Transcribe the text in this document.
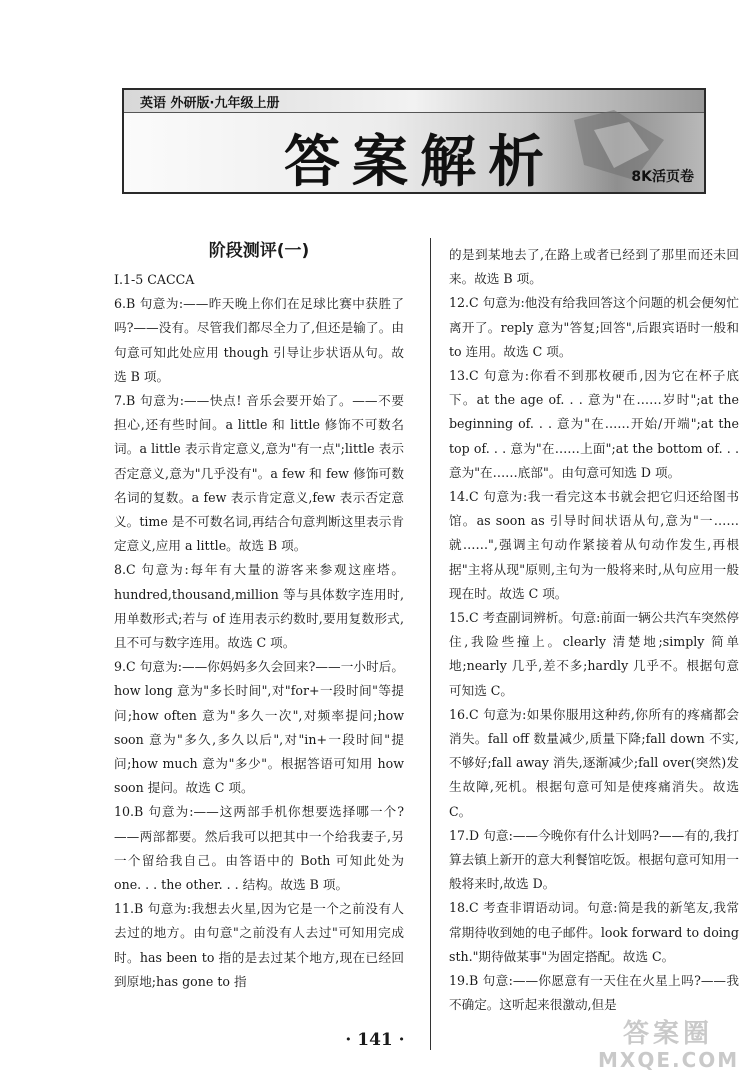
英语 外研版·九年级上册
答案解析	8K活页卷

阶段测评(一)

Ⅰ.1-5 CACCA

6.B 句意为:——昨天晚上你们在足球比赛中获胜了吗?——没有。尽管我们都尽全力了,但还是输了。由句意可知此处应用 though 引导让步状语从句。故选 B 项。

7.B 句意为:——快点! 音乐会要开始了。——不要担心,还有些时间。a little 和 little 修饰不可数名词。a little 表示肯定意义,意为"有一点";little 表示否定意义,意为"几乎没有"。a few 和 few 修饰可数名词的复数。a few 表示肯定意义,few 表示否定意义。time 是不可数名词,再结合句意判断这里表示肯定意义,应用 a little。故选 B 项。

8.C 句意为:每年有大量的游客来参观这座塔。hundred,thousand,million 等与具体数字连用时,用单数形式;若与 of 连用表示约数时,要用复数形式,且不可与数字连用。故选 C 项。

9.C 句意为:——你妈妈多久会回来?——一小时后。how long 意为"多长时间",对"for+一段时间"等提问;how often 意为"多久一次",对频率提问;how soon 意为"多久,多久以后",对"in+一段时间"提问;how much 意为"多少"。根据答语可知用 how soon 提问。故选 C 项。

10.B 句意为:——这两部手机你想要选择哪一个?——两部都要。然后我可以把其中一个给我妻子,另一个留给我自己。由答语中的 Both 可知此处为 one. . . the other. . . 结构。故选 B 项。

11.B 句意为:我想去火星,因为它是一个之前没有人去过的地方。由句意"之前没有人去过"可知用完成时。has been to 指的是去过某个地方,现在已经回到原地;has gone to 指

的是到某地去了,在路上或者已经到了那里而还未回来。故选 B 项。

12.C 句意为:他没有给我回答这个问题的机会便匆忙离开了。reply 意为"答复;回答",后跟宾语时一般和 to 连用。故选 C 项。

13.C 句意为:你看不到那枚硬币,因为它在杯子底下。at the age of. . . 意为"在……岁时";at the beginning of. . . 意为"在……开始/开端";at the top of. . . 意为"在……上面";at the bottom of. . . 意为"在……底部"。由句意可知选 D 项。

14.C 句意为:我一看完这本书就会把它归还给图书馆。as soon as 引导时间状语从句,意为"一……就……",强调主句动作紧接着从句动作发生,再根据"主将从现"原则,主句为一般将来时,从句应用一般现在时。故选 C 项。

15.C 考查副词辨析。句意:前面一辆公共汽车突然停住,我险些撞上。clearly 清楚地;simply 简单地;nearly 几乎,差不多;hardly 几乎不。根据句意可知选 C。

16.C 句意为:如果你服用这种药,你所有的疼痛都会消失。fall off 数量减少,质量下降;fall down 不实,不够好;fall away 消失,逐渐减少;fall over(突然)发生故障,死机。根据句意可知是使疼痛消失。故选 C。

17.D 句意:——今晚你有什么计划吗?——有的,我打算去镇上新开的意大利餐馆吃饭。根据句意可知用一般将来时,故选 D。

18.C 考查非谓语动词。句意:简是我的新笔友,我常常期待收到她的电子邮件。look forward to doing sth."期待做某事"为固定搭配。故选 C。

19.B 句意:——你愿意有一天住在火星上吗?——我不确定。这听起来很激动,但是

· 141 ·	答案圈
MXQE.COM
